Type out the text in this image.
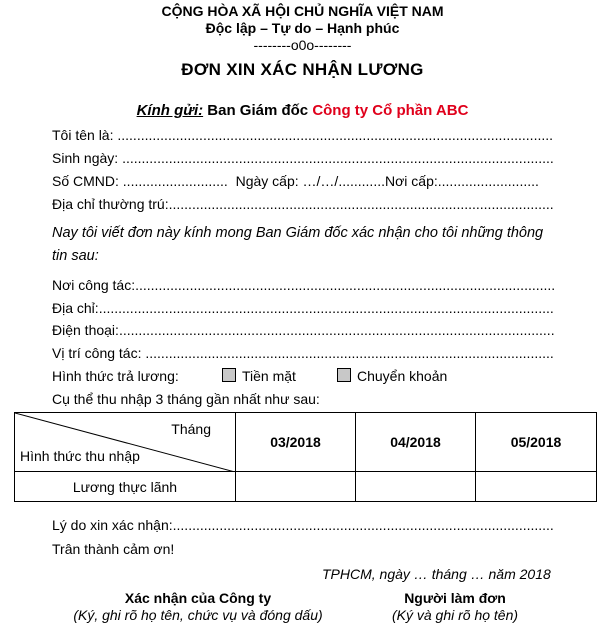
CỘNG HÒA XÃ HỘI CHỦ NGHĨA VIỆT NAM
Độc lập – Tự do – Hạnh phúc
--------o0o--------
ĐƠN XIN XÁC NHẬN LƯƠNG
Kính gửi: Ban Giám đốc Công ty Cổ phần ABC
Tôi tên là:

.....
Sinh ngày:

.....
Số CMND:
...........................
Ngày cấp: …/…/ ............ Nơi cấp:
.....
Địa chỉ thường trú:
.....
Nay tôi viết đơn này kính mong Ban Giám đốc xác nhận cho tôi những thông
tin sau:
Nơi công tác:
.....
Địa chỉ:
.....
Điện thoại:
.....
Vị trí công tác:

.....
Hình thức trả lương:	Tiền mặt	Chuyển khoản
Cụ thể thu nhập 3 tháng gần nhất như sau:
Tháng
Hình thức thu nhập	03/2018	04/2018	05/2018
Lương thực lãnh			
Lý do xin xác nhận:
.....
Trân thành cảm ơn!
TPHCM, ngày … tháng … năm 2018
Xác nhận của Công ty
(Ký, ghi rõ họ tên, chức vụ và đóng dấu)
Người làm đơn
(Ký và ghi rõ họ tên)
